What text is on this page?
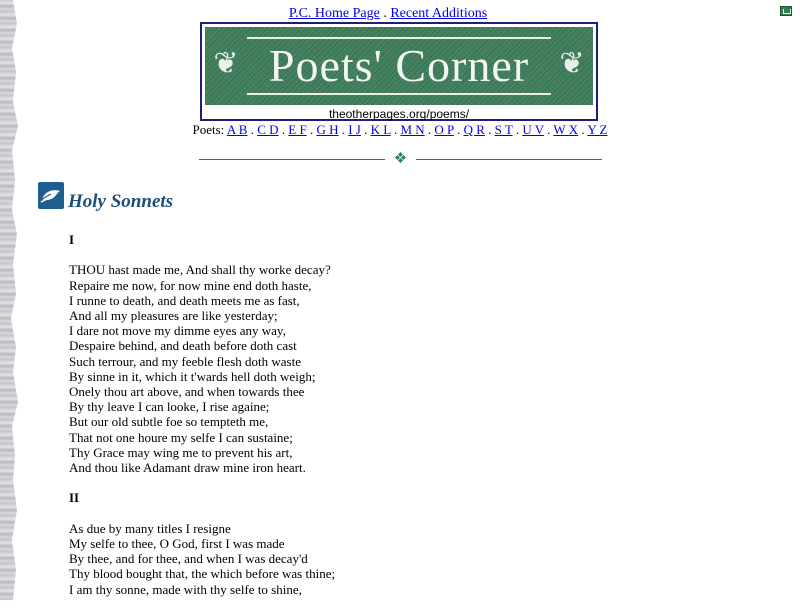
P.C. Home Page . Recent Additions
❦ Poets' Corner ❦
theotherpages.org/poems/
Poets: A B . C D . E F . G H . I J . K L . M N . O P . Q R . S T . U V . W X . Y Z
❖
Holy Sonnets

I

THOU hast made me, And shall thy worke decay?
Repaire me now, for now mine end doth haste,
I runne to death, and death meets me as fast,
And all my pleasures are like yesterday;
I dare not move my dimme eyes any way,
Despaire behind, and death before doth cast
Such terrour, and my feeble flesh doth waste
By sinne in it, which it t'wards hell doth weigh;
Onely thou art above, and when towards thee
By thy leave I can looke, I rise againe;
But our old subtle foe so tempteth me,
That not one houre my selfe I can sustaine;
Thy Grace may wing me to prevent his art,
And thou like Adamant draw mine iron heart.

II

As due by many titles I resigne
My selfe to thee, O God, first I was made
By thee, and for thee, and when I was decay'd
Thy blood bought that, the which before was thine;
I am thy sonne, made with thy selfe to shine,
